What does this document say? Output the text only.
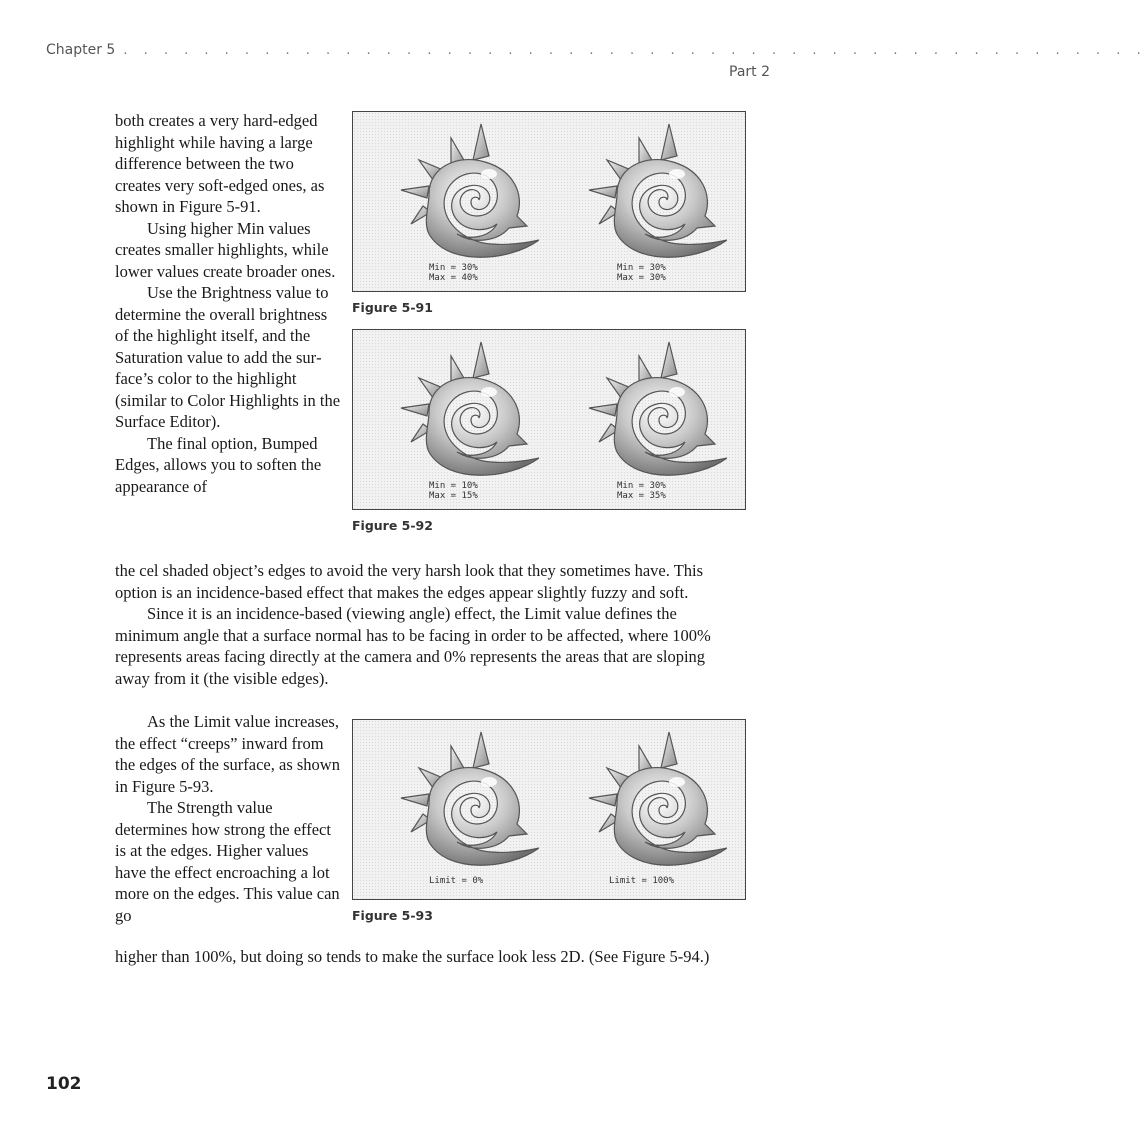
Chapter 5 . . . . . . . . . . . . . . . . . . . . . . . . . . . . . . . . . . . . . . . . . . . . . . . . . . .
Part 2

both creates a very hard-edged highlight while having a large difference between the two creates very soft-edged ones, as shown in Figure 5-91.

Using higher Min values creates smaller highlights, while lower values create broader ones.

Use the Brightness value to determine the overall brightness of the highlight itself, and the Saturation value to add the surface’s color to the highlight (similar to Color Highlights in the Surface Editor).

The final option, Bumped Edges, allows you to soften the appearance of

the cel shaded object’s edges to avoid the very harsh look that they sometimes have. This option is an incidence-based effect that makes the edges appear slightly fuzzy and soft.

Since it is an incidence-based (viewing angle) effect, the Limit value defines the minimum angle that a surface normal has to be facing in order to be affected, where 100% represents areas facing directly at the camera and 0% represents the areas that are sloping away from it (the visible edges).

As the Limit value increases, the effect “creeps” inward from the edges of the surface, as shown in Figure 5-93.

The Strength value determines how strong the effect is at the edges. Higher values have the effect encroaching a lot more on the edges. This value can go

higher than 100%, but doing so tends to make the surface look less 2D. (See Figure 5-94.)

Min = 30%
Max = 40%
Min = 30%
Max = 30%
Figure 5-91
Min = 10%
Max = 15%
Min = 30%
Max = 35%
Figure 5-92
Limit = 0%	Limit = 100%
Figure 5-93
102
